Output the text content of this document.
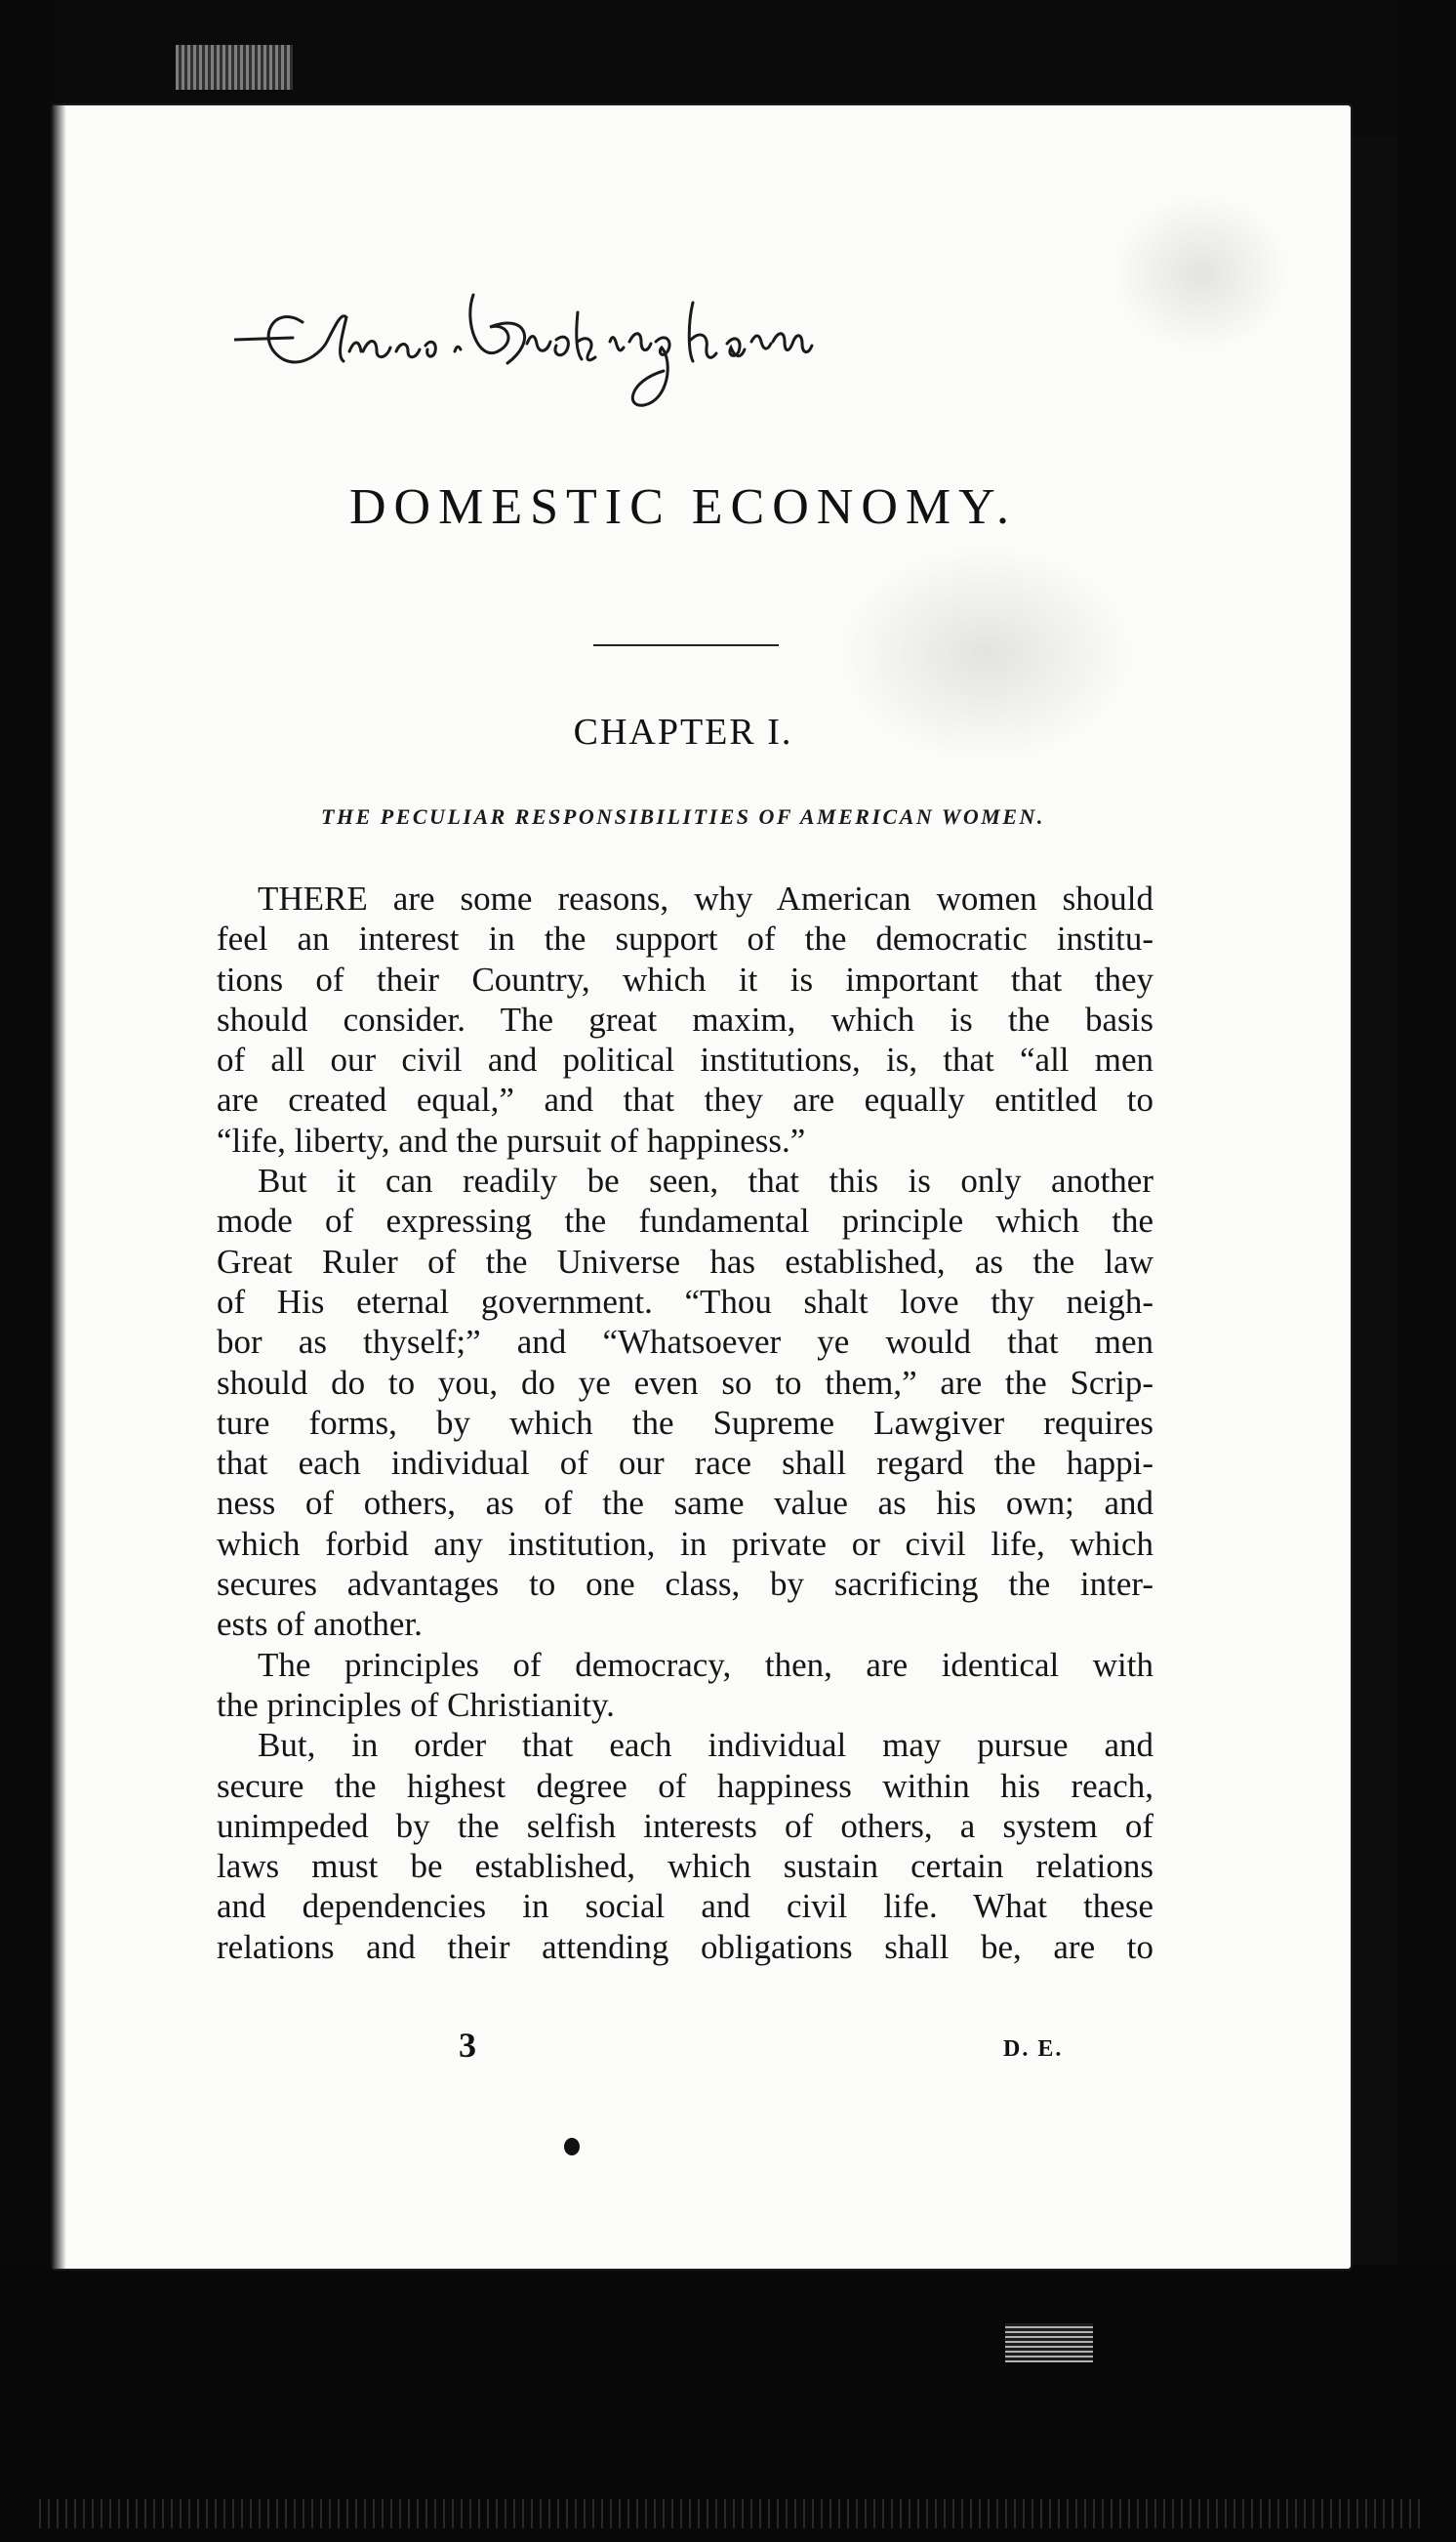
DOMESTIC ECONOMY.
CHAPTER I.
THE PECULIAR RESPONSIBILITIES OF AMERICAN WOMEN.
THERE are some reasons, why American women should
feel an interest in the support of the democratic institu-
tions of their Country, which it is important that they
should consider. The great maxim, which is the basis
of all our civil and political institutions, is, that “all men
are created equal,” and that they are equally entitled to
“life, liberty, and the pursuit of happiness.”
But it can readily be seen, that this is only another
mode of expressing the fundamental principle which the
Great Ruler of the Universe has established, as the law
of His eternal government. “Thou shalt love thy neigh-
bor as thyself;” and “Whatsoever ye would that men
should do to you, do ye even so to them,” are the Scrip-
ture forms, by which the Supreme Lawgiver requires
that each individual of our race shall regard the happi-
ness of others, as of the same value as his own; and
which forbid any institution, in private or civil life, which
secures advantages to one class, by sacrificing the inter-
ests of another.
The principles of democracy, then, are identical with
the principles of Christianity.
But, in order that each individual may pursue and
secure the highest degree of happiness within his reach,
unimpeded by the selfish interests of others, a system of
laws must be established, which sustain certain relations
and dependencies in social and civil life. What these
relations and their attending obligations shall be, are to
3	D. E.
